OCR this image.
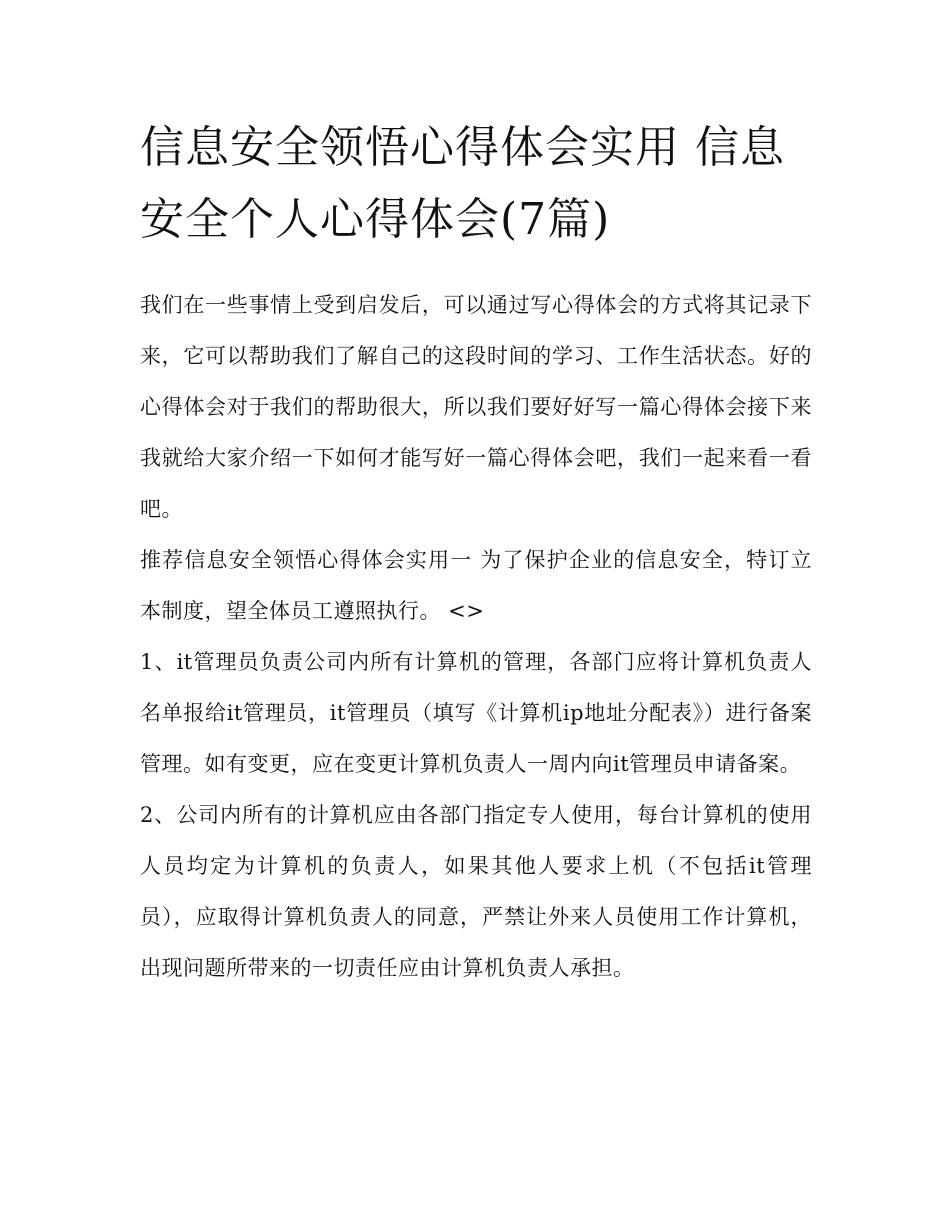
信息安全领悟心得体会实用 信息安全个人心得体会(7篇)

我们在一些事情上受到启发后，可以通过写心得体会的方式将其记录下来，它可以帮助我们了解自己的这段时间的学习、工作生活状态。好的心得体会对于我们的帮助很大，所以我们要好好写一篇心得体会接下来我就给大家介绍一下如何才能写好一篇心得体会吧，我们一起来看一看吧。

推荐信息安全领悟心得体会实用一 为了保护企业的信息安全，特订立本制度，望全体员工遵照执行。 <>

1、it管理员负责公司内所有计算机的管理，各部门应将计算机负责人名单报给it管理员，it管理员（填写《计算机ip地址分配表》）进行备案管理。如有变更，应在变更计算机负责人一周内向it管理员申请备案。

2、公司内所有的计算机应由各部门指定专人使用，每台计算机的使用人员均定为计算机的负责人，如果其他人要求上机（不包括it管理员），应取得计算机负责人的同意，严禁让外来人员使用工作计算机，出现问题所带来的一切责任应由计算机负责人承担。
